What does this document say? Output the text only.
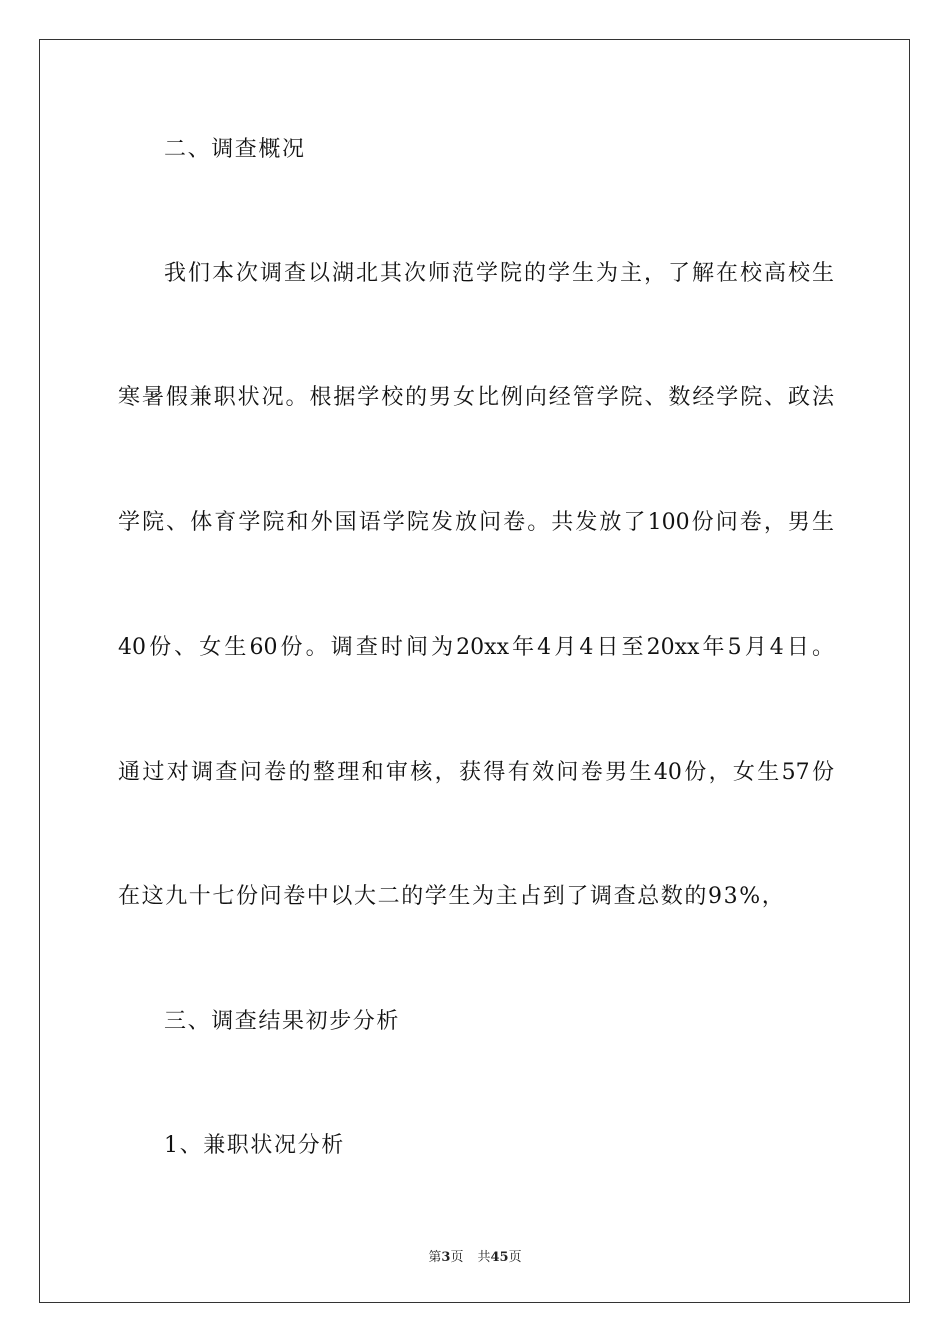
二、调查概况
我们本次调查以湖北其次师范学院的学生为主，了解在校高校生
寒暑假兼职状况。根据学校的男女比例向经管学院、数经学院、政法
学院、体育学院和外国语学院发放问卷。共发放了100份问卷，男生
40份、女生60份。调查时间为20xx年4月4日至20xx年5月4日。
通过对调查问卷的整理和审核，获得有效问卷男生40份，女生57份
在这九十七份问卷中以大二的学生为主占到了调查总数的93%，
三、调查结果初步分析
1、兼职状况分析
第3页 共45页
